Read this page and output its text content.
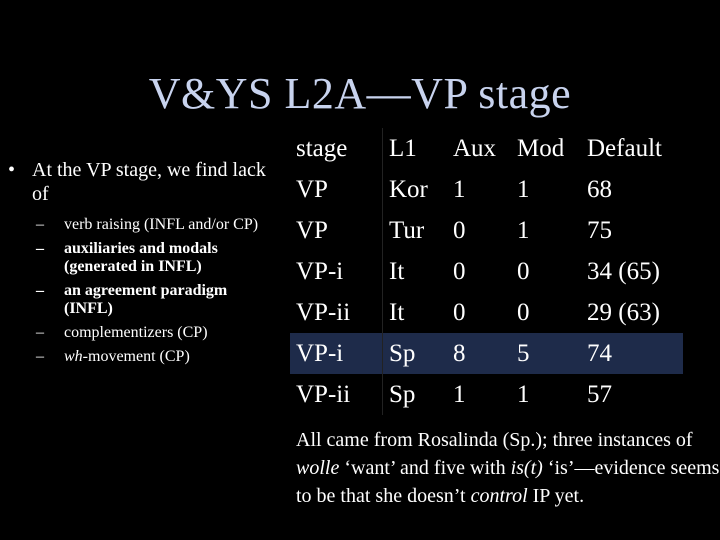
V&YS L2A—VP stage
• At the VP stage, we find lack of
– verb raising (INFL and/or CP)
– auxiliaries and modals (generated in INFL)
– an agreement paradigm (INFL)
– complementizers (CP)
– wh-movement (CP)
stage	L1	Aux	Mod	Default
VP	Kor	1	1	68
VP	Tur	0	1	75
VP-i	It	0	0	34 (65)
VP-ii	It	0	0	29 (63)
VP-i	Sp	8	5	74
VP-ii	Sp	1	1	57
All came from Rosalinda (Sp.); three instances of wolle ‘want’ and five with is(t) ‘is’—evidence seems to be that she doesn’t control IP yet.
